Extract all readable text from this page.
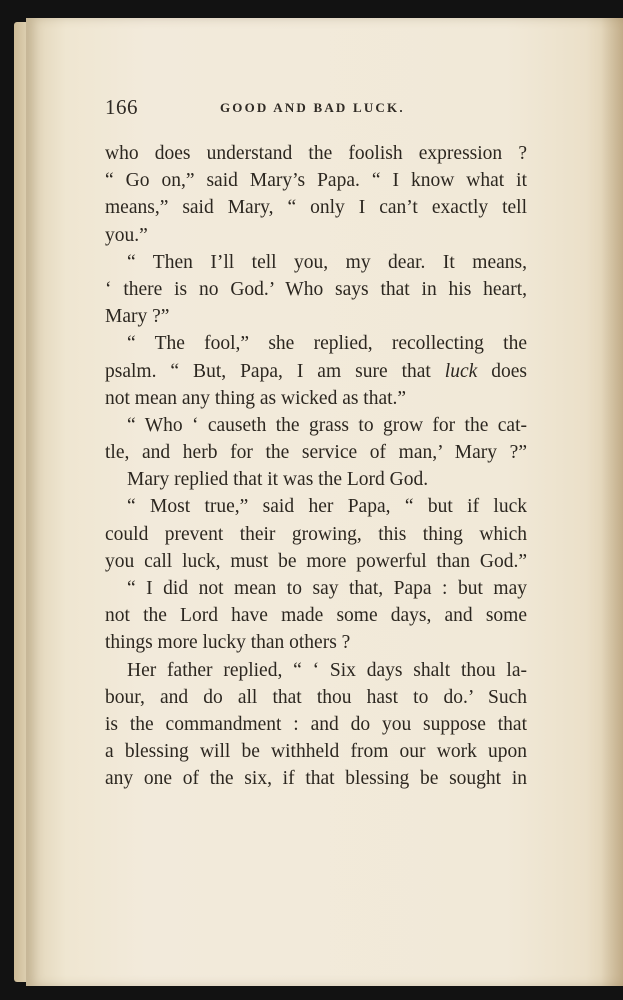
166	GOOD AND BAD LUCK.
who does understand the foolish expression ?
“ Go on,” said Mary’s Papa. “ I know what it
means,” said Mary, “ only I can’t exactly tell
you.”
“ Then I’ll tell you, my dear. It means,
‘ there is no God.’ Who says that in his heart,
Mary ?”
“ The fool,” she replied, recollecting the
psalm. “ But, Papa, I am sure that luck does
not mean any thing as wicked as that.”
“ Who ‘ causeth the grass to grow for the cat-
tle, and herb for the service of man,’ Mary ?”
Mary replied that it was the Lord God.
“ Most true,” said her Papa, “ but if luck
could prevent their growing, this thing which
you call luck, must be more powerful than God.”
“ I did not mean to say that, Papa : but may
not the Lord have made some days, and some
things more lucky than others ?
Her father replied, “ ‘ Six days shalt thou la-
bour, and do all that thou hast to do.’ Such
is the commandment : and do you suppose that
a blessing will be withheld from our work upon
any one of the six, if that blessing be sought in
